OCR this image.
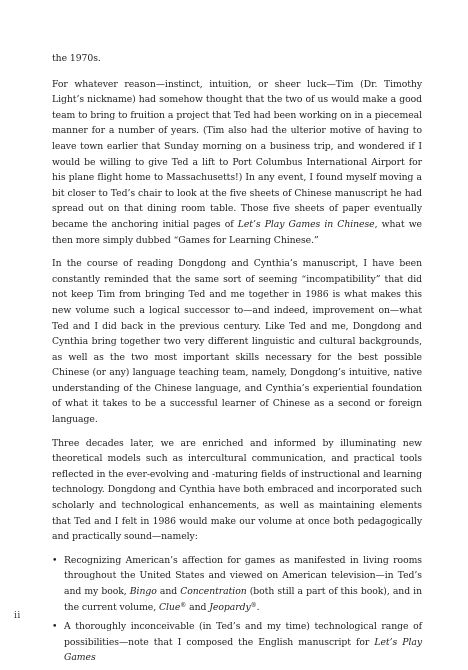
the 1970s.

For whatever reason—instinct, intuition, or sheer luck—Tim (Dr. Timothy Light’s nickname) had somehow thought that the two of us would make a good team to bring to fruition a project that Ted had been working on in a piecemeal manner for a number of years. (Tim also had the ulterior motive of having to leave town earlier that Sunday morning on a business trip, and wondered if I would be willing to give Ted a lift to Port Columbus International Airport for his plane flight home to Massachusetts!) In any event, I found myself moving a bit closer to Ted’s chair to look at the five sheets of Chinese manuscript he had spread out on that dining room table. Those five sheets of paper eventually became the anchoring initial pages of Let’s Play Games in Chinese, what we then more simply dubbed “Games for Learning Chinese.”

In the course of reading Dongdong and Cynthia’s manuscript, I have been constantly reminded that the same sort of seeming “incompatibility” that did not keep Tim from bringing Ted and me together in 1986 is what makes this new volume such a logical successor to—and indeed, improvement on—what Ted and I did back in the previous century. Like Ted and me, Dongdong and Cynthia bring together two very different linguistic and cultural backgrounds, as well as the two most important skills necessary for the best possible Chinese (or any) language teaching team, namely, Dongdong’s intuitive, native understanding of the Chinese language, and Cynthia’s experiential foundation of what it takes to be a successful learner of Chinese as a second or foreign language.

Three decades later, we are enriched and informed by illuminating new theoretical models such as intercultural communication, and practical tools reflected in the ever-evolving and -maturing fields of instructional and learning technology. Dongdong and Cynthia have both embraced and incorporated such scholarly and technological enhancements, as well as maintaining elements that Ted and I felt in 1986 would make our volume at once both pedagogically and practically sound—namely:

• Recognizing American’s affection for games as manifested in living rooms throughout the United States and viewed on American television—in Ted’s and my book, Bingo and Concentration (both still a part of this book), and in the current volume, Clue® and Jeopardy®.
• A thoroughly inconceivable (in Ted’s and my time) technological range of possibilities—note that I composed the English manuscript for Let’s Play Games
ii
